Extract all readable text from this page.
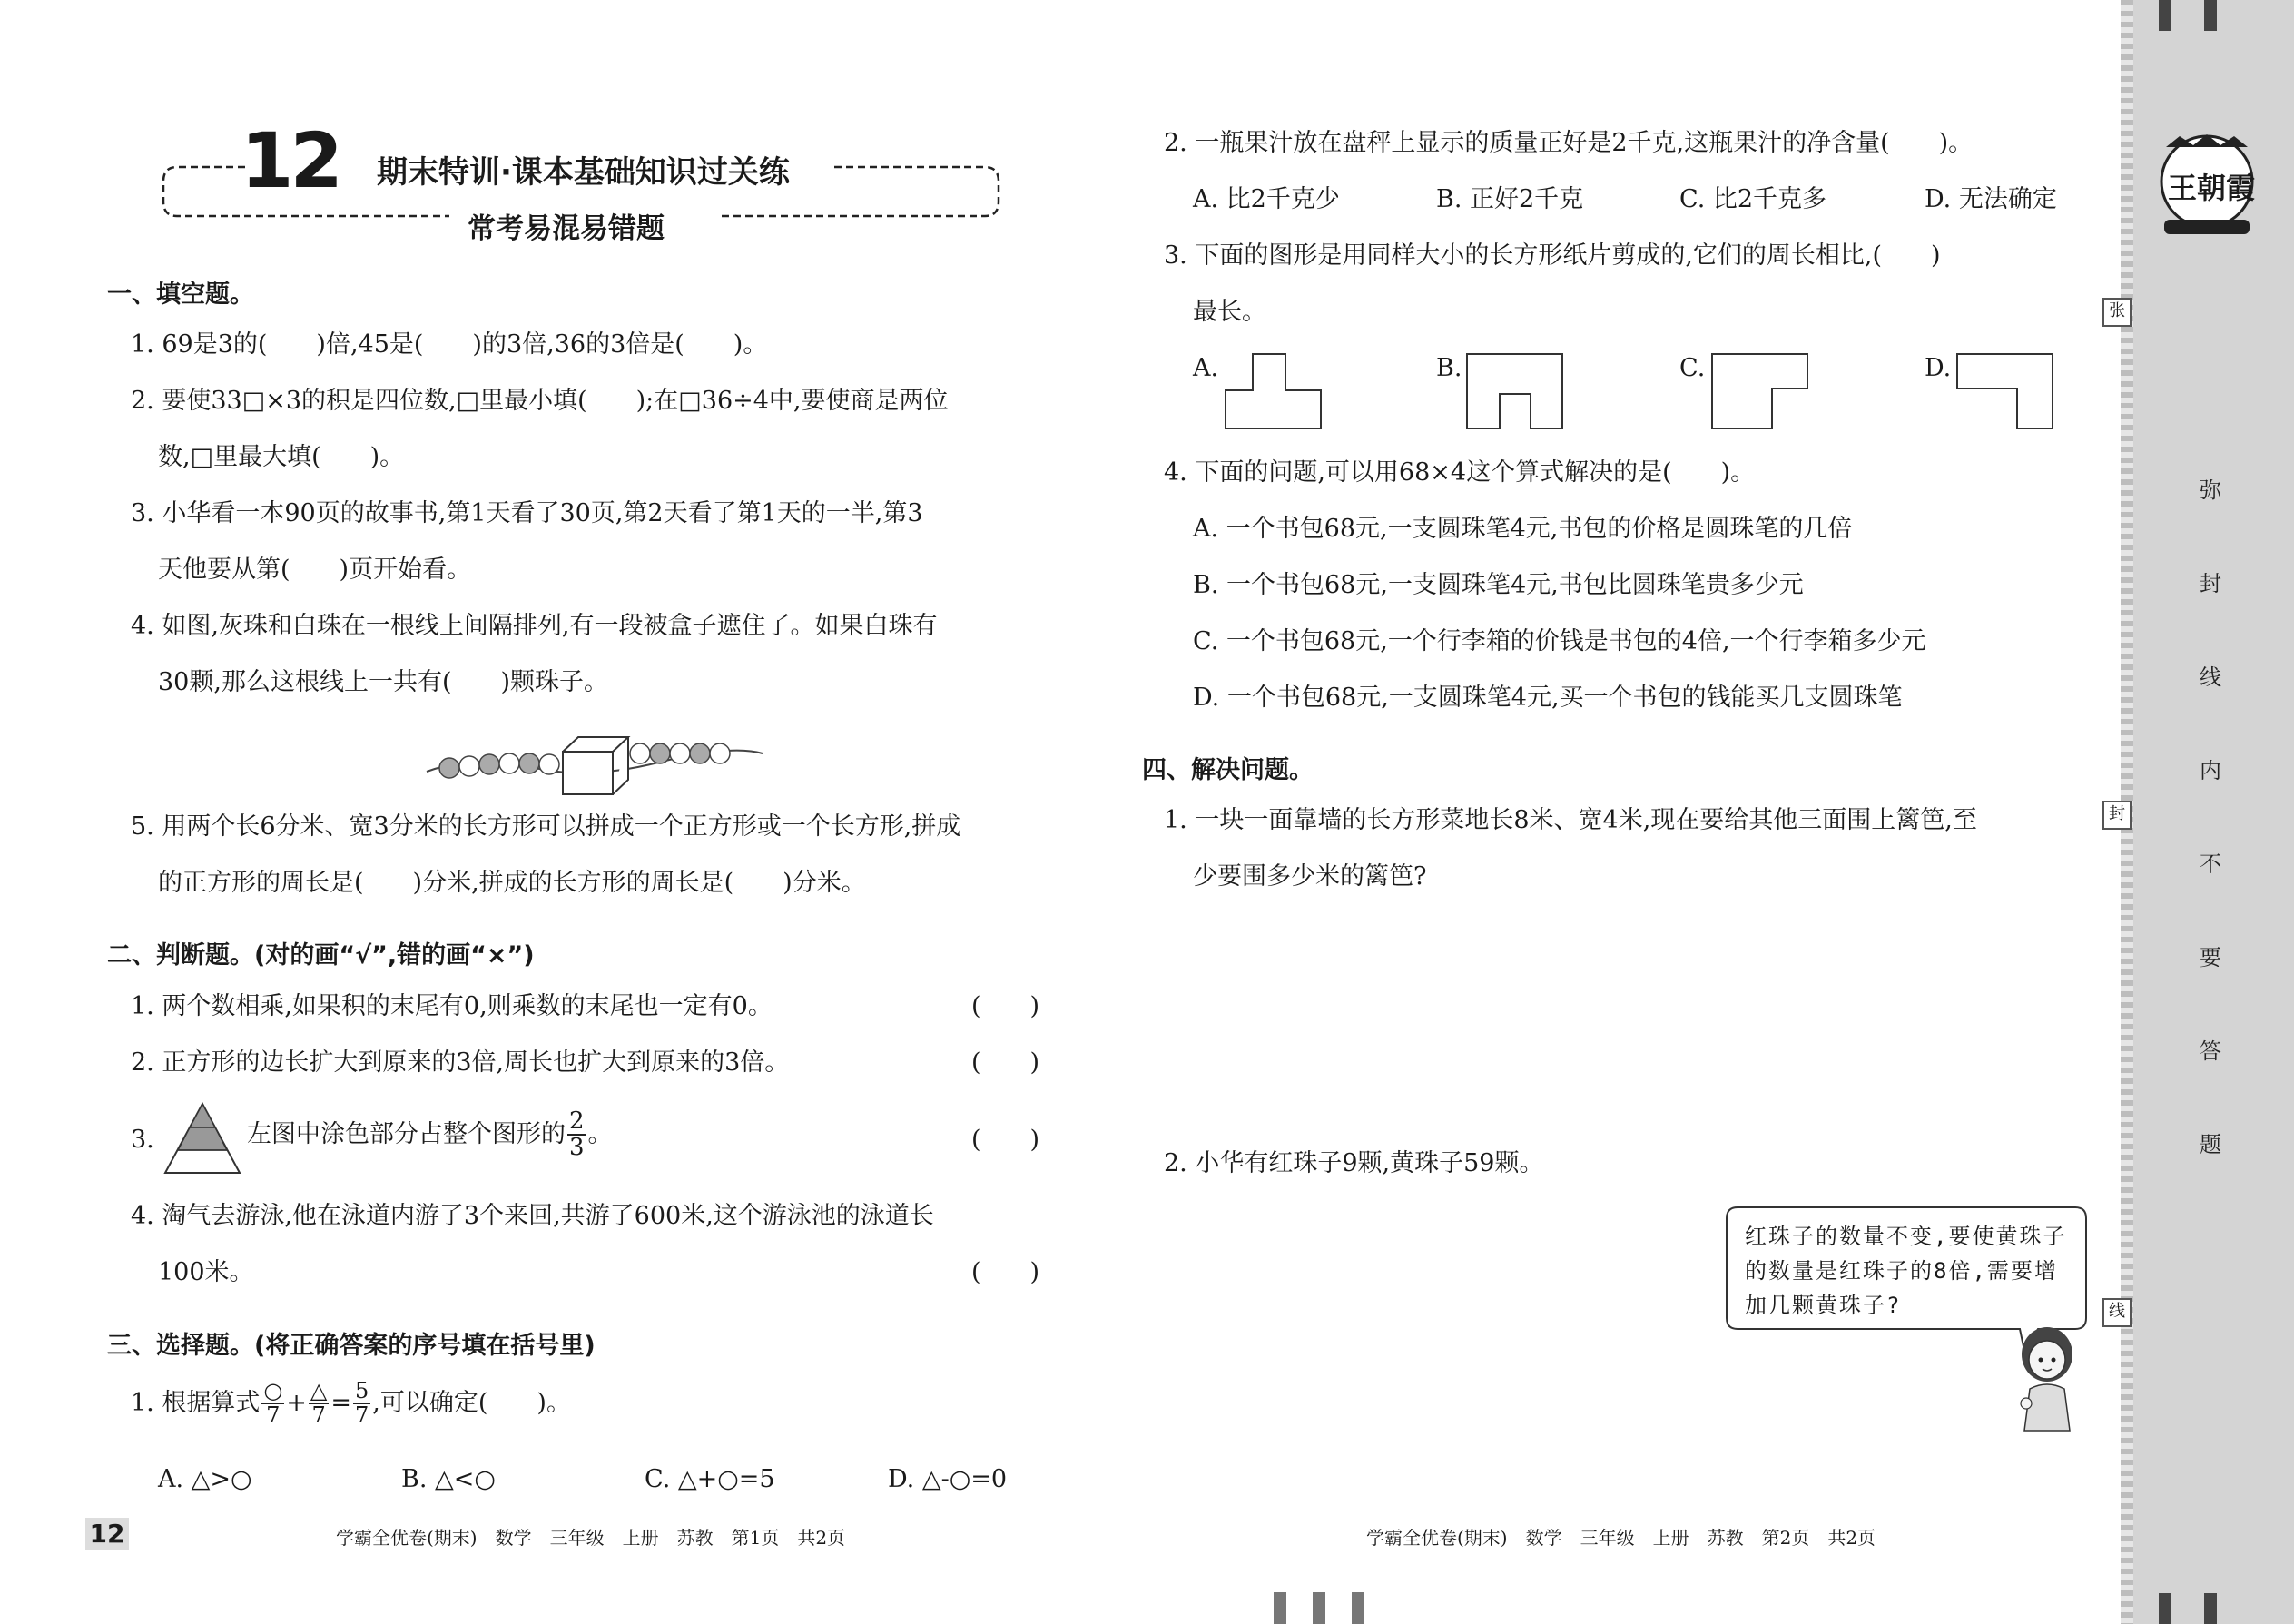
12 期末特训·课本基础知识过关练
常考易混易错题
一、填空题。
1. 69是3的(　　)倍,45是(　　)的3倍,36的3倍是(　　)。
2. 要使33□×3的积是四位数,□里最小填(　　);在□36÷4中,要使商是两位
数,□里最大填(　　)。
3. 小华看一本90页的故事书,第1天看了30页,第2天看了第1天的一半,第3
天他要从第(　　)页开始看。
4. 如图,灰珠和白珠在一根线上间隔排列,有一段被盒子遮住了。如果白珠有
30颗,那么这根线上一共有(　　)颗珠子。
5. 用两个长6分米、宽3分米的长方形可以拼成一个正方形或一个长方形,拼成
的正方形的周长是(　　)分米,拼成的长方形的周长是(　　)分米。
二、判断题。(对的画“√”,错的画“×”)
1. 两个数相乘,如果积的末尾有0,则乘数的末尾也一定有0。	(　　)
2. 正方形的边长扩大到原来的3倍,周长也扩大到原来的3倍。	(　　)
3.	左图中涂色部分占整个图形的 $\frac{2}{3}$ 。	(　　)
4. 淘气去游泳,他在泳道内游了3个来回,共游了600米,这个游泳池的泳道长
100米。	(　　)
三、选择题。(将正确答案的序号填在括号里)
1. 根据算式 $\frac{○}{7} + \frac{\triangle}{7} = \frac{5}{7}$ ,可以确定(　　)。
A. △>○	B. △<○	C. △+○=5	D. △-○=0
12	学霸全优卷(期末)　数学　三年级　上册　苏教　第1页　共2页
2. 一瓶果汁放在盘秤上显示的质量正好是2千克,这瓶果汁的净含量(　　)。
A. 比2千克少	B. 正好2千克	C. 比2千克多	D. 无法确定
3. 下面的图形是用同样大小的长方形纸片剪成的,它们的周长相比,(　　)
最长。
A.	B.	C.	D.
4. 下面的问题,可以用68×4这个算式解决的是(　　)。
A. 一个书包68元,一支圆珠笔4元,书包的价格是圆珠笔的几倍
B. 一个书包68元,一支圆珠笔4元,书包比圆珠笔贵多少元
C. 一个书包68元,一个行李箱的价钱是书包的4倍,一个行李箱多少元
D. 一个书包68元,一支圆珠笔4元,买一个书包的钱能买几支圆珠笔
四、解决问题。
1. 一块一面靠墙的长方形菜地长8米、宽4米,现在要给其他三面围上篱笆,至
少要围多少米的篱笆?
2. 小华有红珠子9颗,黄珠子59颗。
红珠子的数量不变,要使黄珠子
的数量是红珠子的8倍,需要增
加几颗黄珠子?
学霸全优卷(期末)　数学　三年级　上册　苏教　第2页　共2页
王朝霞
弥
封
线
内
不
要
答
题
张
封
线
